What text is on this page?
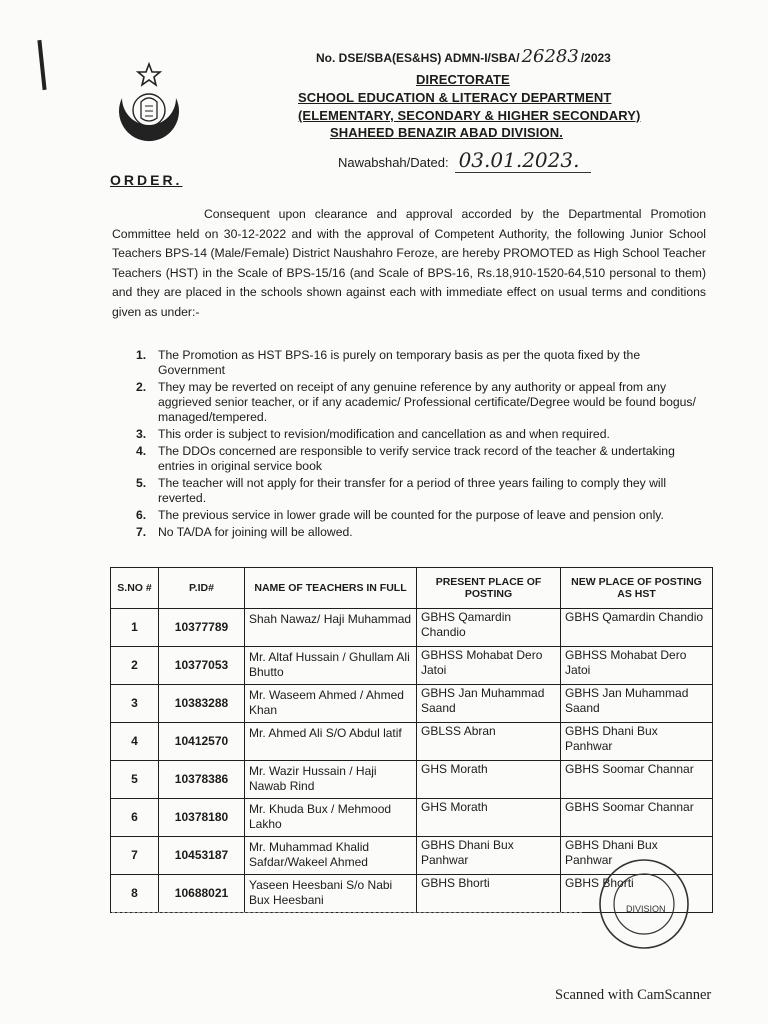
No. DSE/SBA(ES&HS) ADMN-I/SBA/ 26283 /2023
DIRECTORATE
SCHOOL EDUCATION & LITERACY DEPARTMENT
(ELEMENTARY, SECONDARY & HIGHER SECONDARY)
SHAHEED BENAZIR ABAD DIVISION.
Nawabshah/Dated: 03.01.2023.
ORDER.

Consequent upon clearance and approval accorded by the Departmental Promotion Committee held on 30-12-2022 and with the approval of Competent Authority, the following Junior School Teachers BPS-14 (Male/Female) District Naushahro Feroze, are hereby PROMOTED as High School Teacher Teachers (HST) in the Scale of BPS-15/16 (and Scale of BPS-16, Rs.18,910-1520-64,510 personal to them) and they are placed in the schools shown against each with immediate effect on usual terms and conditions given as under:-

1. The Promotion as HST BPS-16 is purely on temporary basis as per the quota fixed by the Government
2. They may be reverted on receipt of any genuine reference by any authority or appeal from any aggrieved senior teacher, or if any academic/ Professional certificate/Degree would be found bogus/ managed/tempered.
3. This order is subject to revision/modification and cancellation as and when required.
4. The DDOs concerned are responsible to verify service track record of the teacher & undertaking entries in original service book
5. The teacher will not apply for their transfer for a period of three years failing to comply they will reverted.
6. The previous service in lower grade will be counted for the purpose of leave and pension only.
7. No TA/DA for joining will be allowed.
S.NO #	P.ID#	NAME OF TEACHERS IN FULL	PRESENT PLACE OF POSTING	NEW PLACE OF POSTING AS HST
1	10377789	Shah Nawaz/ Haji Muhammad	GBHS Qamardin Chandio	GBHS Qamardin Chandio
2	10377053	Mr. Altaf Hussain / Ghullam Ali Bhutto	GBHSS Mohabat Dero Jatoi	GBHSS Mohabat Dero Jatoi
3	10383288	Mr. Waseem Ahmed / Ahmed Khan	GBHS Jan Muhammad Saand	GBHS Jan Muhammad Saand
4	10412570	Mr. Ahmed Ali S/O Abdul latif	GBLSS Abran	GBHS Dhani Bux Panhwar
5	10378386	Mr. Wazir Hussain / Haji Nawab Rind	GHS Morath	GBHS Soomar Channar
6	10378180	Mr. Khuda Bux / Mehmood Lakho	GHS Morath	GBHS Soomar Channar
7	10453187	Mr. Muhammad Khalid Safdar/Wakeel Ahmed	GBHS Dhani Bux Panhwar	GBHS Dhani Bux Panhwar
8	10688021	Yaseen Heesbani S/o Nabi Bux Heesbani	GBHS Bhorti	GBHS Bhorti
DIVISION
Scanned with CamScanner
